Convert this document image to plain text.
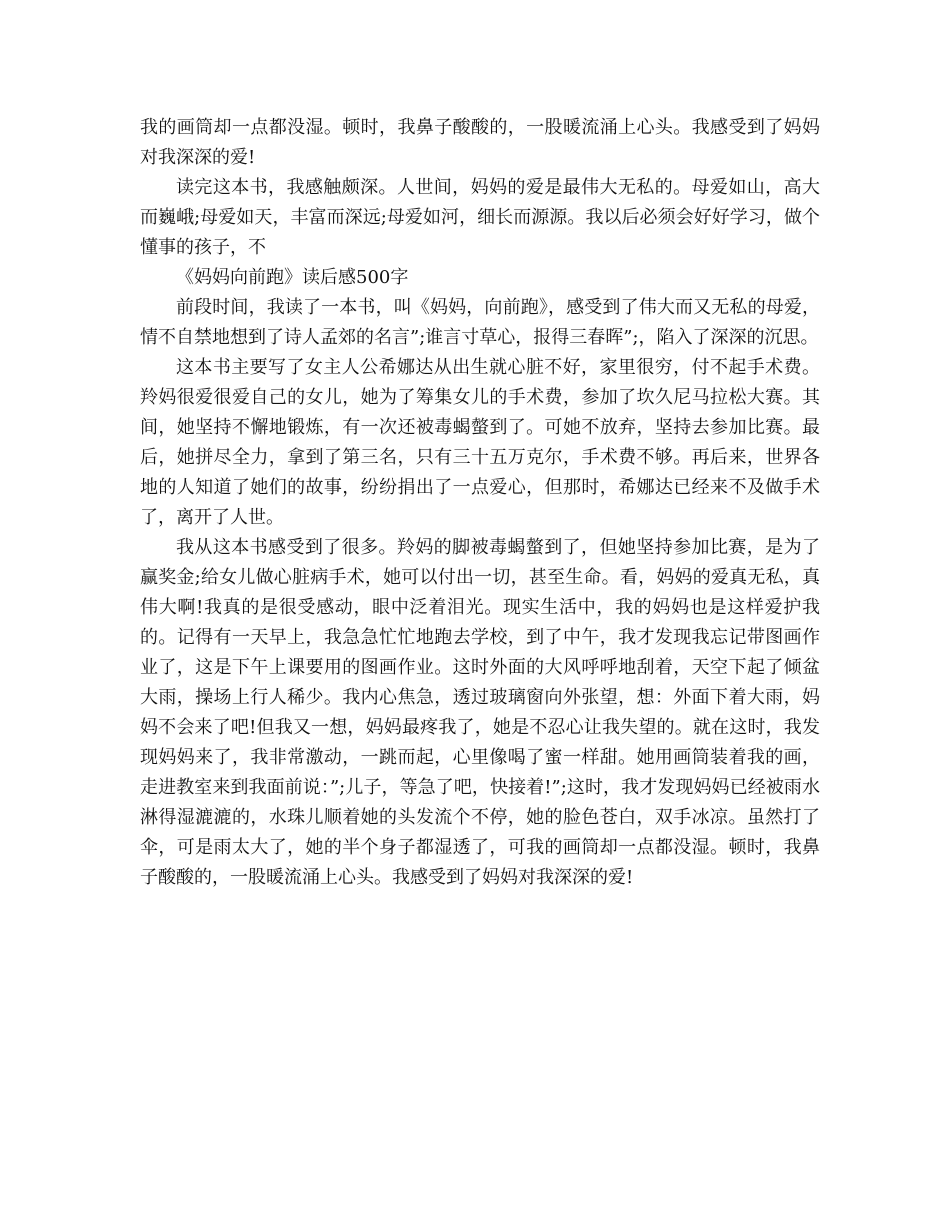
我的画筒却一点都没湿。顿时，我鼻子酸酸的，一股暖流涌上心头。我感受到了妈妈对我深深的爱!

读完这本书，我感触颇深。人世间，妈妈的爱是最伟大无私的。母爱如山，高大而巍峨;母爱如天，丰富而深远;母爱如河，细长而源源。我以后必须会好好学习，做个懂事的孩子，不

《妈妈向前跑》读后感500字

前段时间，我读了一本书，叫《妈妈，向前跑》，感受到了伟大而又无私的母爱，情不自禁地想到了诗人孟郊的名言”;谁言寸草心，报得三春晖”;，陷入了深深的沉思。

这本书主要写了女主人公希娜达从出生就心脏不好，家里很穷，付不起手术费。羚妈很爱很爱自己的女儿，她为了筹集女儿的手术费，参加了坎久尼马拉松大赛。其间，她坚持不懈地锻炼，有一次还被毒蝎螫到了。可她不放弃，坚持去参加比赛。最后，她拼尽全力，拿到了第三名，只有三十五万克尔，手术费不够。再后来，世界各地的人知道了她们的故事，纷纷捐出了一点爱心，但那时，希娜达已经来不及做手术了，离开了人世。

我从这本书感受到了很多。羚妈的脚被毒蝎螫到了，但她坚持参加比赛，是为了赢奖金;给女儿做心脏病手术，她可以付出一切，甚至生命。看，妈妈的爱真无私，真伟大啊!我真的是很受感动，眼中泛着泪光。现实生活中，我的妈妈也是这样爱护我的。记得有一天早上，我急急忙忙地跑去学校，到了中午，我才发现我忘记带图画作业了，这是下午上课要用的图画作业。这时外面的大风呼呼地刮着，天空下起了倾盆大雨，操场上行人稀少。我内心焦急，透过玻璃窗向外张望，想：外面下着大雨，妈妈不会来了吧!但我又一想，妈妈最疼我了，她是不忍心让我失望的。就在这时，我发现妈妈来了，我非常激动，一跳而起，心里像喝了蜜一样甜。她用画筒装着我的画，走进教室来到我面前说：”;儿子，等急了吧，快接着!”;这时，我才发现妈妈已经被雨水淋得湿漉漉的，水珠儿顺着她的头发流个不停，她的脸色苍白，双手冰凉。虽然打了伞，可是雨太大了，她的半个身子都湿透了，可我的画筒却一点都没湿。顿时，我鼻子酸酸的，一股暖流涌上心头。我感受到了妈妈对我深深的爱!
